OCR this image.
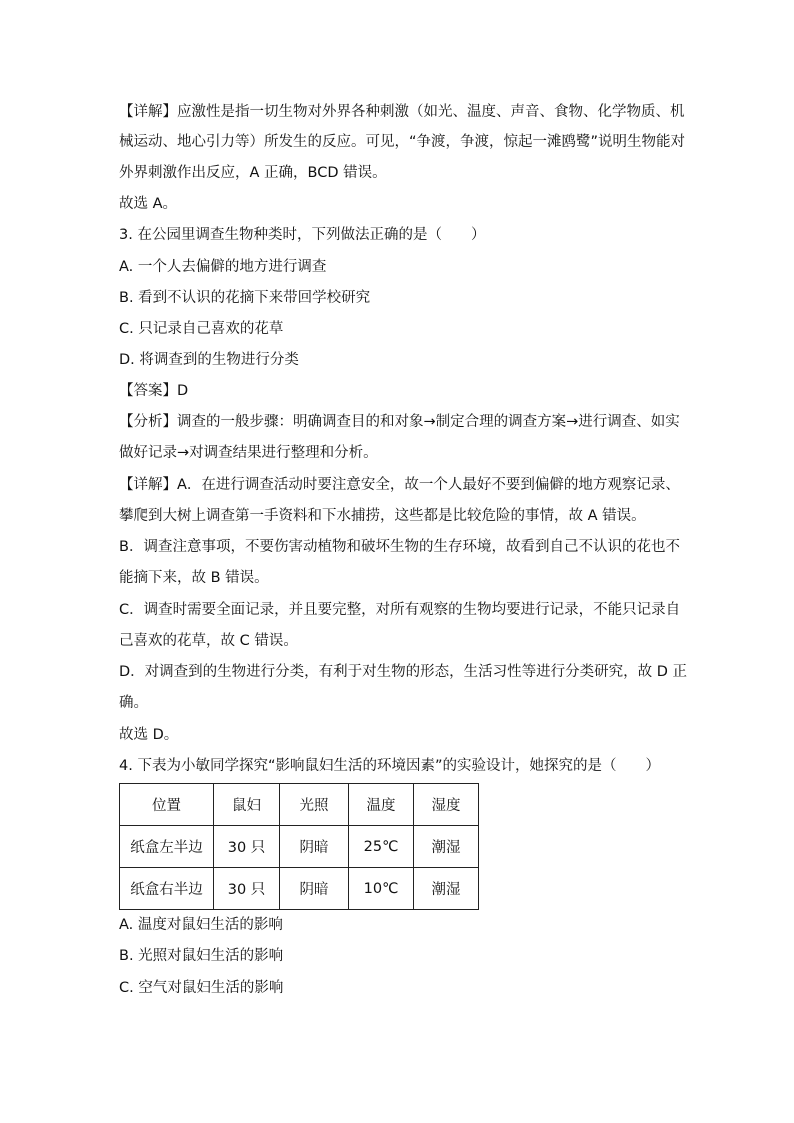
【详解】应激性是指一切生物对外界各种刺激（如光、温度、声音、食物、化学物质、机
械运动、地心引力等）所发生的反应。可见，“争渡，争渡，惊起一滩鸥鹭”说明生物能对
外界刺激作出反应，A 正确，BCD 错误。
故选 A。
3. 在公园里调查生物种类时，下列做法正确的是（　　）
A. 一个人去偏僻的地方进行调查
B. 看到不认识的花摘下来带回学校研究
C. 只记录自己喜欢的花草
D. 将调查到的生物进行分类
【答案】D
【分析】调查的一般步骤：明确调查目的和对象→制定合理的调查方案→进行调查、如实
做好记录→对调查结果进行整理和分析。
【详解】A．在进行调查活动时要注意安全，故一个人最好不要到偏僻的地方观察记录、
攀爬到大树上调查第一手资料和下水捕捞，这些都是比较危险的事情，故 A 错误。
B．调查注意事项，不要伤害动植物和破坏生物的生存环境，故看到自己不认识的花也不
能摘下来，故 B 错误。
C．调查时需要全面记录，并且要完整，对所有观察的生物均要进行记录，不能只记录自
己喜欢的花草，故 C 错误。
D．对调查到的生物进行分类，有利于对生物的形态，生活习性等进行分类研究，故 D 正
确。
故选 D。
4. 下表为小敏同学探究“影响鼠妇生活的环境因素”的实验设计，她探究的是（　　）
位置	鼠妇	光照	温度	湿度
纸盒左半边	30 只	阴暗	25℃	潮湿
纸盒右半边	30 只	阴暗	10℃	潮湿
A. 温度对鼠妇生活的影响
B. 光照对鼠妇生活的影响
C. 空气对鼠妇生活的影响
